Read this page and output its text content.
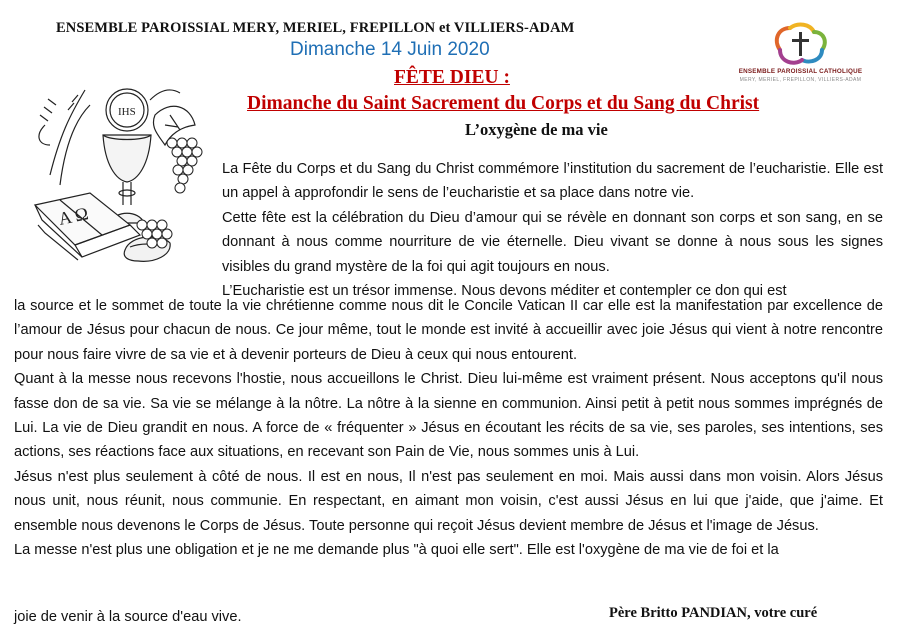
ENSEMBLE PAROISSIAL MERY, MERIEL, FREPILLON et VILLIERS-ADAM
Dimanche 14 Juin 2020
FÊTE DIEU :
Dimanche du Saint Sacrement du Corps et du Sang du Christ
L’oxygène de ma vie
ENSEMBLE PAROISSIAL CATHOLIQUE
MERY, MERIEL, FREPILLON, VILLIERS-ADAM
IHS
A Ω

La Fête du Corps et du Sang du Christ commémore l’institution du sacrement de l’eucharistie. Elle est un appel à approfondir le sens de l’eucharistie et sa place dans notre vie.

Cette fête est la célébration du Dieu d’amour qui se révèle en donnant son corps et son sang, en se donnant à nous comme nourriture de vie éternelle. Dieu vivant se donne à nous sous les signes visibles du grand mystère de la foi qui agit toujours en nous.

L’Eucharistie est un trésor immense. Nous devons méditer et contempler ce don qui est

la source et le sommet de toute la vie chrétienne comme nous dit le Concile Vatican II car elle est la manifestation par excellence de l’amour de Jésus pour chacun de nous. Ce jour même, tout le monde est invité à accueillir avec joie Jésus qui vient à notre rencontre pour nous faire vivre de sa vie et à devenir porteurs de Dieu à ceux qui nous entourent.

Quant à la messe nous recevons l'hostie, nous accueillons le Christ. Dieu lui-même est vraiment présent. Nous acceptons qu'il nous fasse don de sa vie. Sa vie se mélange à la nôtre. La nôtre à la sienne en communion. Ainsi petit à petit nous sommes imprégnés de Lui. La vie de Dieu grandit en nous. A force de « fréquenter » Jésus en écoutant les récits de sa vie, ses paroles, ses intentions, ses actions, ses réactions face aux situations, en recevant son Pain de Vie, nous sommes unis à Lui.

Jésus n'est plus seulement à côté de nous. Il est en nous, Il n'est pas seulement en moi. Mais aussi dans mon voisin. Alors Jésus nous unit, nous réunit, nous communie. En respectant, en aimant mon voisin, c'est aussi Jésus en lui que j'aide, que j'aime. Et ensemble nous devenons le Corps de Jésus. Toute personne qui reçoit Jésus devient membre de Jésus et l'image de Jésus.

La messe n'est plus une obligation et je ne me demande plus "à quoi elle sert". Elle est l'oxygène de ma vie de foi et la

joie de venir à la source d'eau vive.	Père Britto PANDIAN, votre curé
